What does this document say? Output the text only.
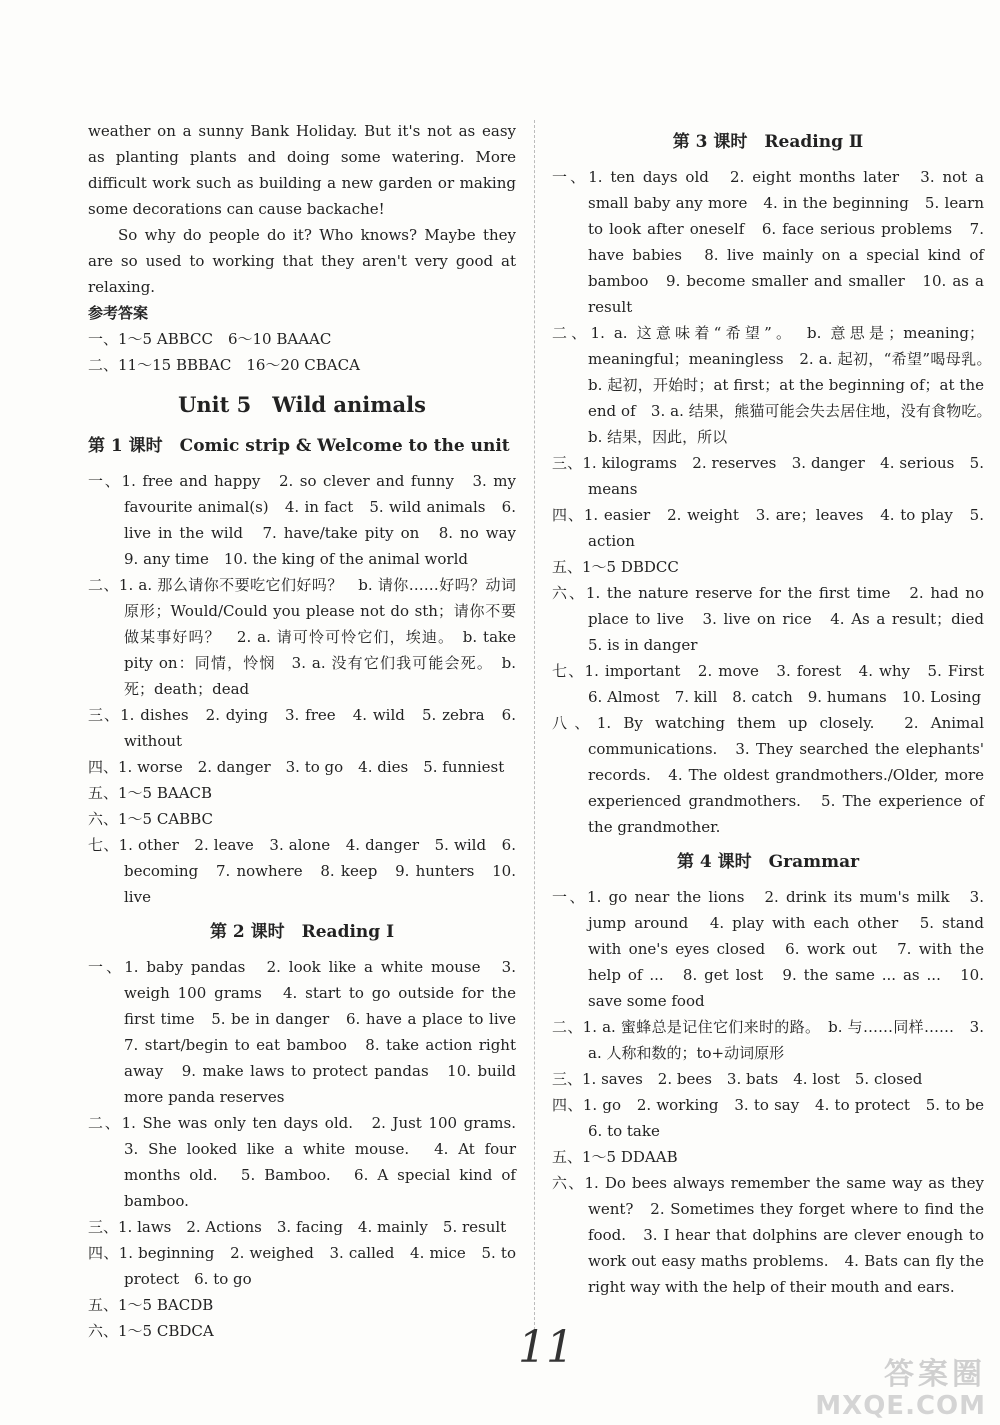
weather on a sunny Bank Holiday. But it's not as easy as planting plants and doing some watering. More difficult work such as building a new garden or making some decorations can cause backache!

So why do people do it? Who knows? Maybe they are so used to working that they aren't very good at relaxing.

参考答案

一、1～5 ABBCC　6～10 BAAAC

二、11～15 BBBAC　16～20 CBACA

Unit 5　Wild animals
第 1 课时　Comic strip & Welcome to the unit

一、1. free and happy　2. so clever and funny　3. my favourite animal(s)　4. in fact　5. wild animals　6. live in the wild　7. have/take pity on　8. no way　9. any time　10. the king of the animal world

二、1. a. 那么请你不要吃它们好吗？　b. 请你……好吗？动词原形；Would/Could you please not do sth；请你不要做某事好吗？　2. a. 请可怜可怜它们，埃迪。　b. take pity on：同情，怜悯　3. a. 没有它们我可能会死。　b. 死；death；dead

三、1. dishes　2. dying　3. free　4. wild　5. zebra　6. without

四、1. worse　2. danger　3. to go　4. dies　5. funniest

五、1～5 BAACB

六、1～5 CABBC

七、1. other　2. leave　3. alone　4. danger　5. wild　6. becoming　7. nowhere　8. keep　9. hunters　10. live

第 2 课时　Reading Ⅰ

一、1. baby pandas　2. look like a white mouse　3. weigh 100 grams　4. start to go outside for the first time　5. be in danger　6. have a place to live　7. start/begin to eat bamboo　8. take action right away　9. make laws to protect pandas　10. build more panda reserves

二、1. She was only ten days old.　2. Just 100 grams.　3. She looked like a white mouse.　4. At four months old.　5. Bamboo.　6. A special kind of bamboo.

三、1. laws　2. Actions　3. facing　4. mainly　5. result

四、1. beginning　2. weighed　3. called　4. mice　5. to protect　6. to go

五、1～5 BACDB

六、1～5 CBDCA

第 3 课时　Reading Ⅱ

一、1. ten days old　2. eight months later　3. not a small baby any more　4. in the beginning　5. learn to look after oneself　6. face serious problems　7. have babies　8. live mainly on a special kind of bamboo　9. become smaller and smaller　10. as a result

二、1. a. 这意味着“希望”。　b. 意思是；meaning；meaningful；meaningless　2. a. 起初，“希望”喝母乳。　b. 起初，开始时；at first；at the beginning of；at the end of　3. a. 结果，熊猫可能会失去居住地，没有食物吃。　b. 结果，因此，所以

三、1. kilograms　2. reserves　3. danger　4. serious　5. means

四、1. easier　2. weight　3. are；leaves　4. to play　5. action

五、1～5 DBDCC

六、1. the nature reserve for the first time　2. had no place to live　3. live on rice　4. As a result；died　5. is in danger

七、1. important　2. move　3. forest　4. why　5. First　6. Almost　7. kill　8. catch　9. humans　10. Losing

八、1. By watching them up closely.　2. Animal communications.　3. They searched the elephants' records.　4. The oldest grandmothers./Older, more experienced grandmothers.　5. The experience of the grandmother.

第 4 课时　Grammar

一、1. go near the lions　2. drink its mum's milk　3. jump around　4. play with each other　5. stand with one's eyes closed　6. work out　7. with the help of ...　8. get lost　9. the same ... as ...　10. save some food

二、1. a. 蜜蜂总是记住它们来时的路。　b. 与……同样……　3. a. 人称和数的；to+动词原形

三、1. saves　2. bees　3. bats　4. lost　5. closed

四、1. go　2. working　3. to say　4. to protect　5. to be　6. to take

五、1～5 DDAAB

六、1. Do bees always remember the same way as they went?　2. Sometimes they forget where to find the food.　3. I hear that dolphins are clever enough to work out easy maths problems.　4. Bats can fly the right way with the help of their mouth and ears.

11
答案圈
MXQE.COM
